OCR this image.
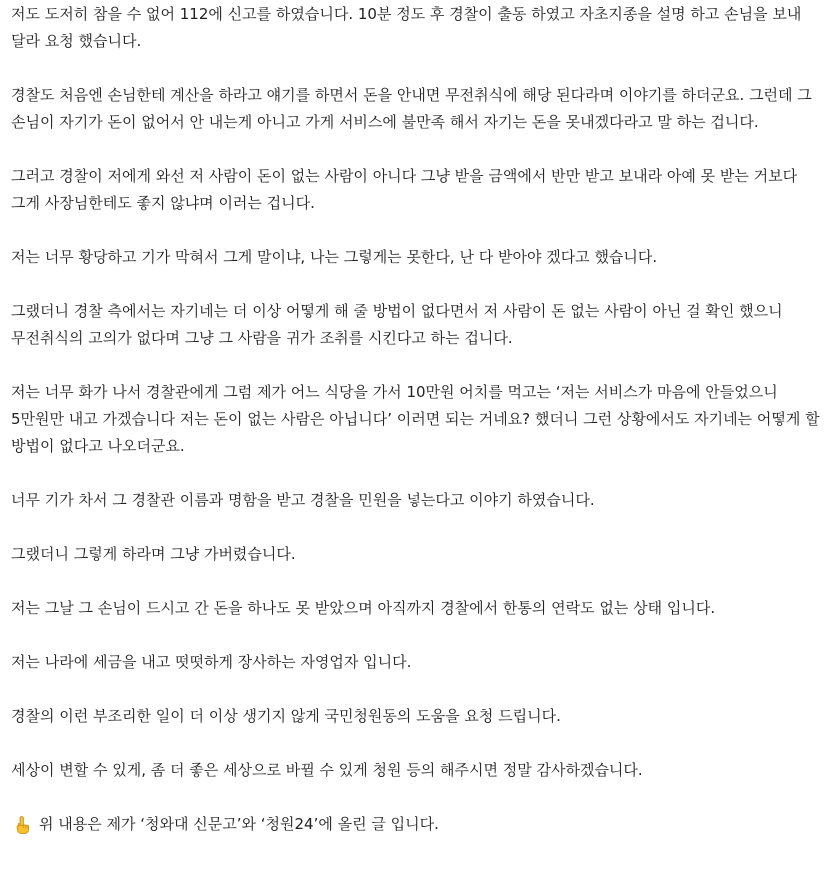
저도 도저히 참을 수 없어 112에 신고를 하였습니다. 10분 정도 후 경찰이 출동 하였고 자초지종을 설명 하고 손님을 보내 달라 요청 했습니다.

경찰도 처음엔 손님한테 계산을 하라고 얘기를 하면서 돈을 안내면 무전취식에 해당 된다라며 이야기를 하더군요. 그런데 그 손님이 자기가 돈이 없어서 안 내는게 아니고 가게 서비스에 불만족 해서 자기는 돈을 못내겠다라고 말 하는 겁니다.

그러고 경찰이 저에게 와선 저 사람이 돈이 없는 사람이 아니다 그냥 받을 금액에서 반만 받고 보내라 아예 못 받는 거보다 그게 사장님한테도 좋지 않냐며 이러는 겁니다.

저는 너무 황당하고 기가 막혀서 그게 말이냐, 나는 그렇게는 못한다, 난 다 받아야 겠다고 했습니다.

그랬더니 경찰 측에서는 자기네는 더 이상 어떻게 해 줄 방법이 없다면서 저 사람이 돈 없는 사람이 아닌 걸 확인 했으니 무전취식의 고의가 없다며 그냥 그 사람을 귀가 조취를 시킨다고 하는 겁니다.

저는 너무 화가 나서 경찰관에게 그럼 제가 어느 식당을 가서 10만원 어치를 먹고는 ‘저는 서비스가 마음에 안들었으니 5만원만 내고 가겠습니다 저는 돈이 없는 사람은 아닙니다’ 이러면 되는 거네요? 했더니 그런 상황에서도 자기네는 어떻게 할 방법이 없다고 나오더군요.

너무 기가 차서 그 경찰관 이름과 명함을 받고 경찰을 민원을 넣는다고 이야기 하였습니다.

그랬더니 그렇게 하라며 그냥 가버렸습니다.

저는 그날 그 손님이 드시고 간 돈을 하나도 못 받았으며 아직까지 경찰에서 한통의 연락도 없는 상태 입니다.

저는 나라에 세금을 내고 떳떳하게 장사하는 자영업자 입니다.

경찰의 이런 부조리한 일이 더 이상 생기지 않게 국민청원동의 도움을 요청 드립니다.

세상이 변할 수 있게, 좀 더 좋은 세상으로 바뀔 수 있게 청원 등의 해주시면 정말 감사하겠습니다.

위 내용은 제가 ‘청와대 신문고’와 ‘청원24’에 올린 글 입니다.
